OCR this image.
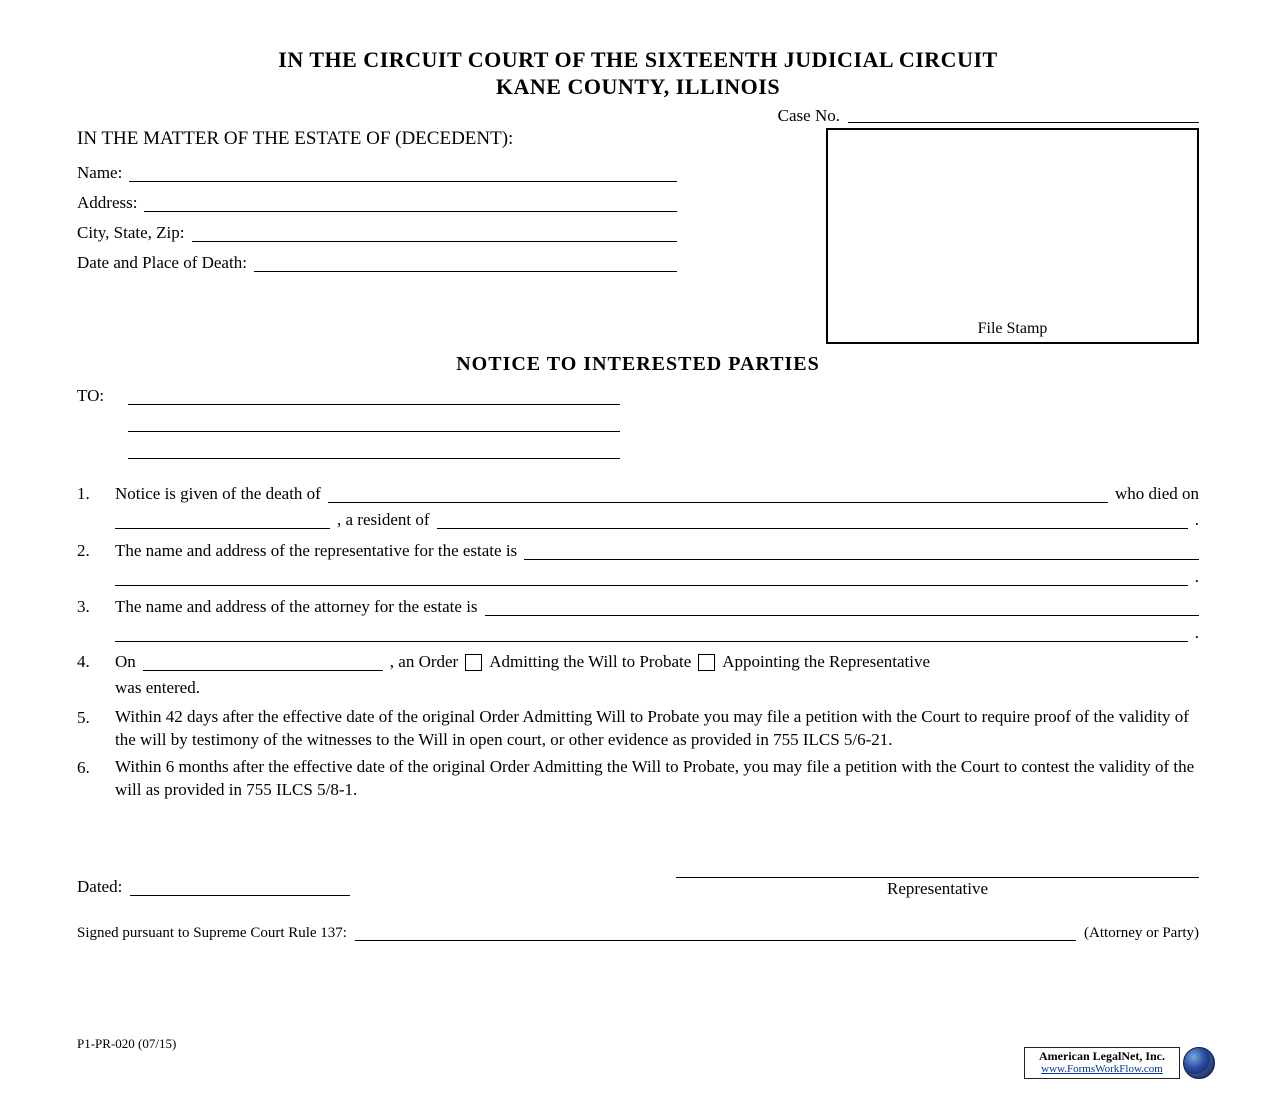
IN THE CIRCUIT COURT OF THE SIXTEENTH JUDICIAL CIRCUIT
KANE COUNTY, ILLINOIS
Case No.
IN THE MATTER OF THE ESTATE OF (DECEDENT):
Name:
Address:
City, State, Zip:
Date and Place of Death:
File Stamp
NOTICE TO INTERESTED PARTIES
TO:
1.	Notice is given of the death of	who died on
, a resident of	.
2.	The name and address of the representative for the estate is
.
3.	The name and address of the attorney for the estate is
.
4.	On	, an Order Admitting the Will to Probate Appointing the Representative
was entered.
5.	Within 42 days after the effective date of the original Order Admitting Will to Probate you may file a petition with the Court to require proof of the validity of the will by testimony of the witnesses to the Will in open court, or other evidence as provided in 755 ILCS 5/6-21.
6.	Within 6 months after the effective date of the original Order Admitting the Will to Probate, you may file a petition with the Court to contest the validity of the will as provided in 755 ILCS 5/8-1.
Dated:	Representative
Signed pursuant to Supreme Court Rule 137:	(Attorney or Party)
P1-PR-020 (07/15)
American LegalNet, Inc.
www.FormsWorkFlow.com
